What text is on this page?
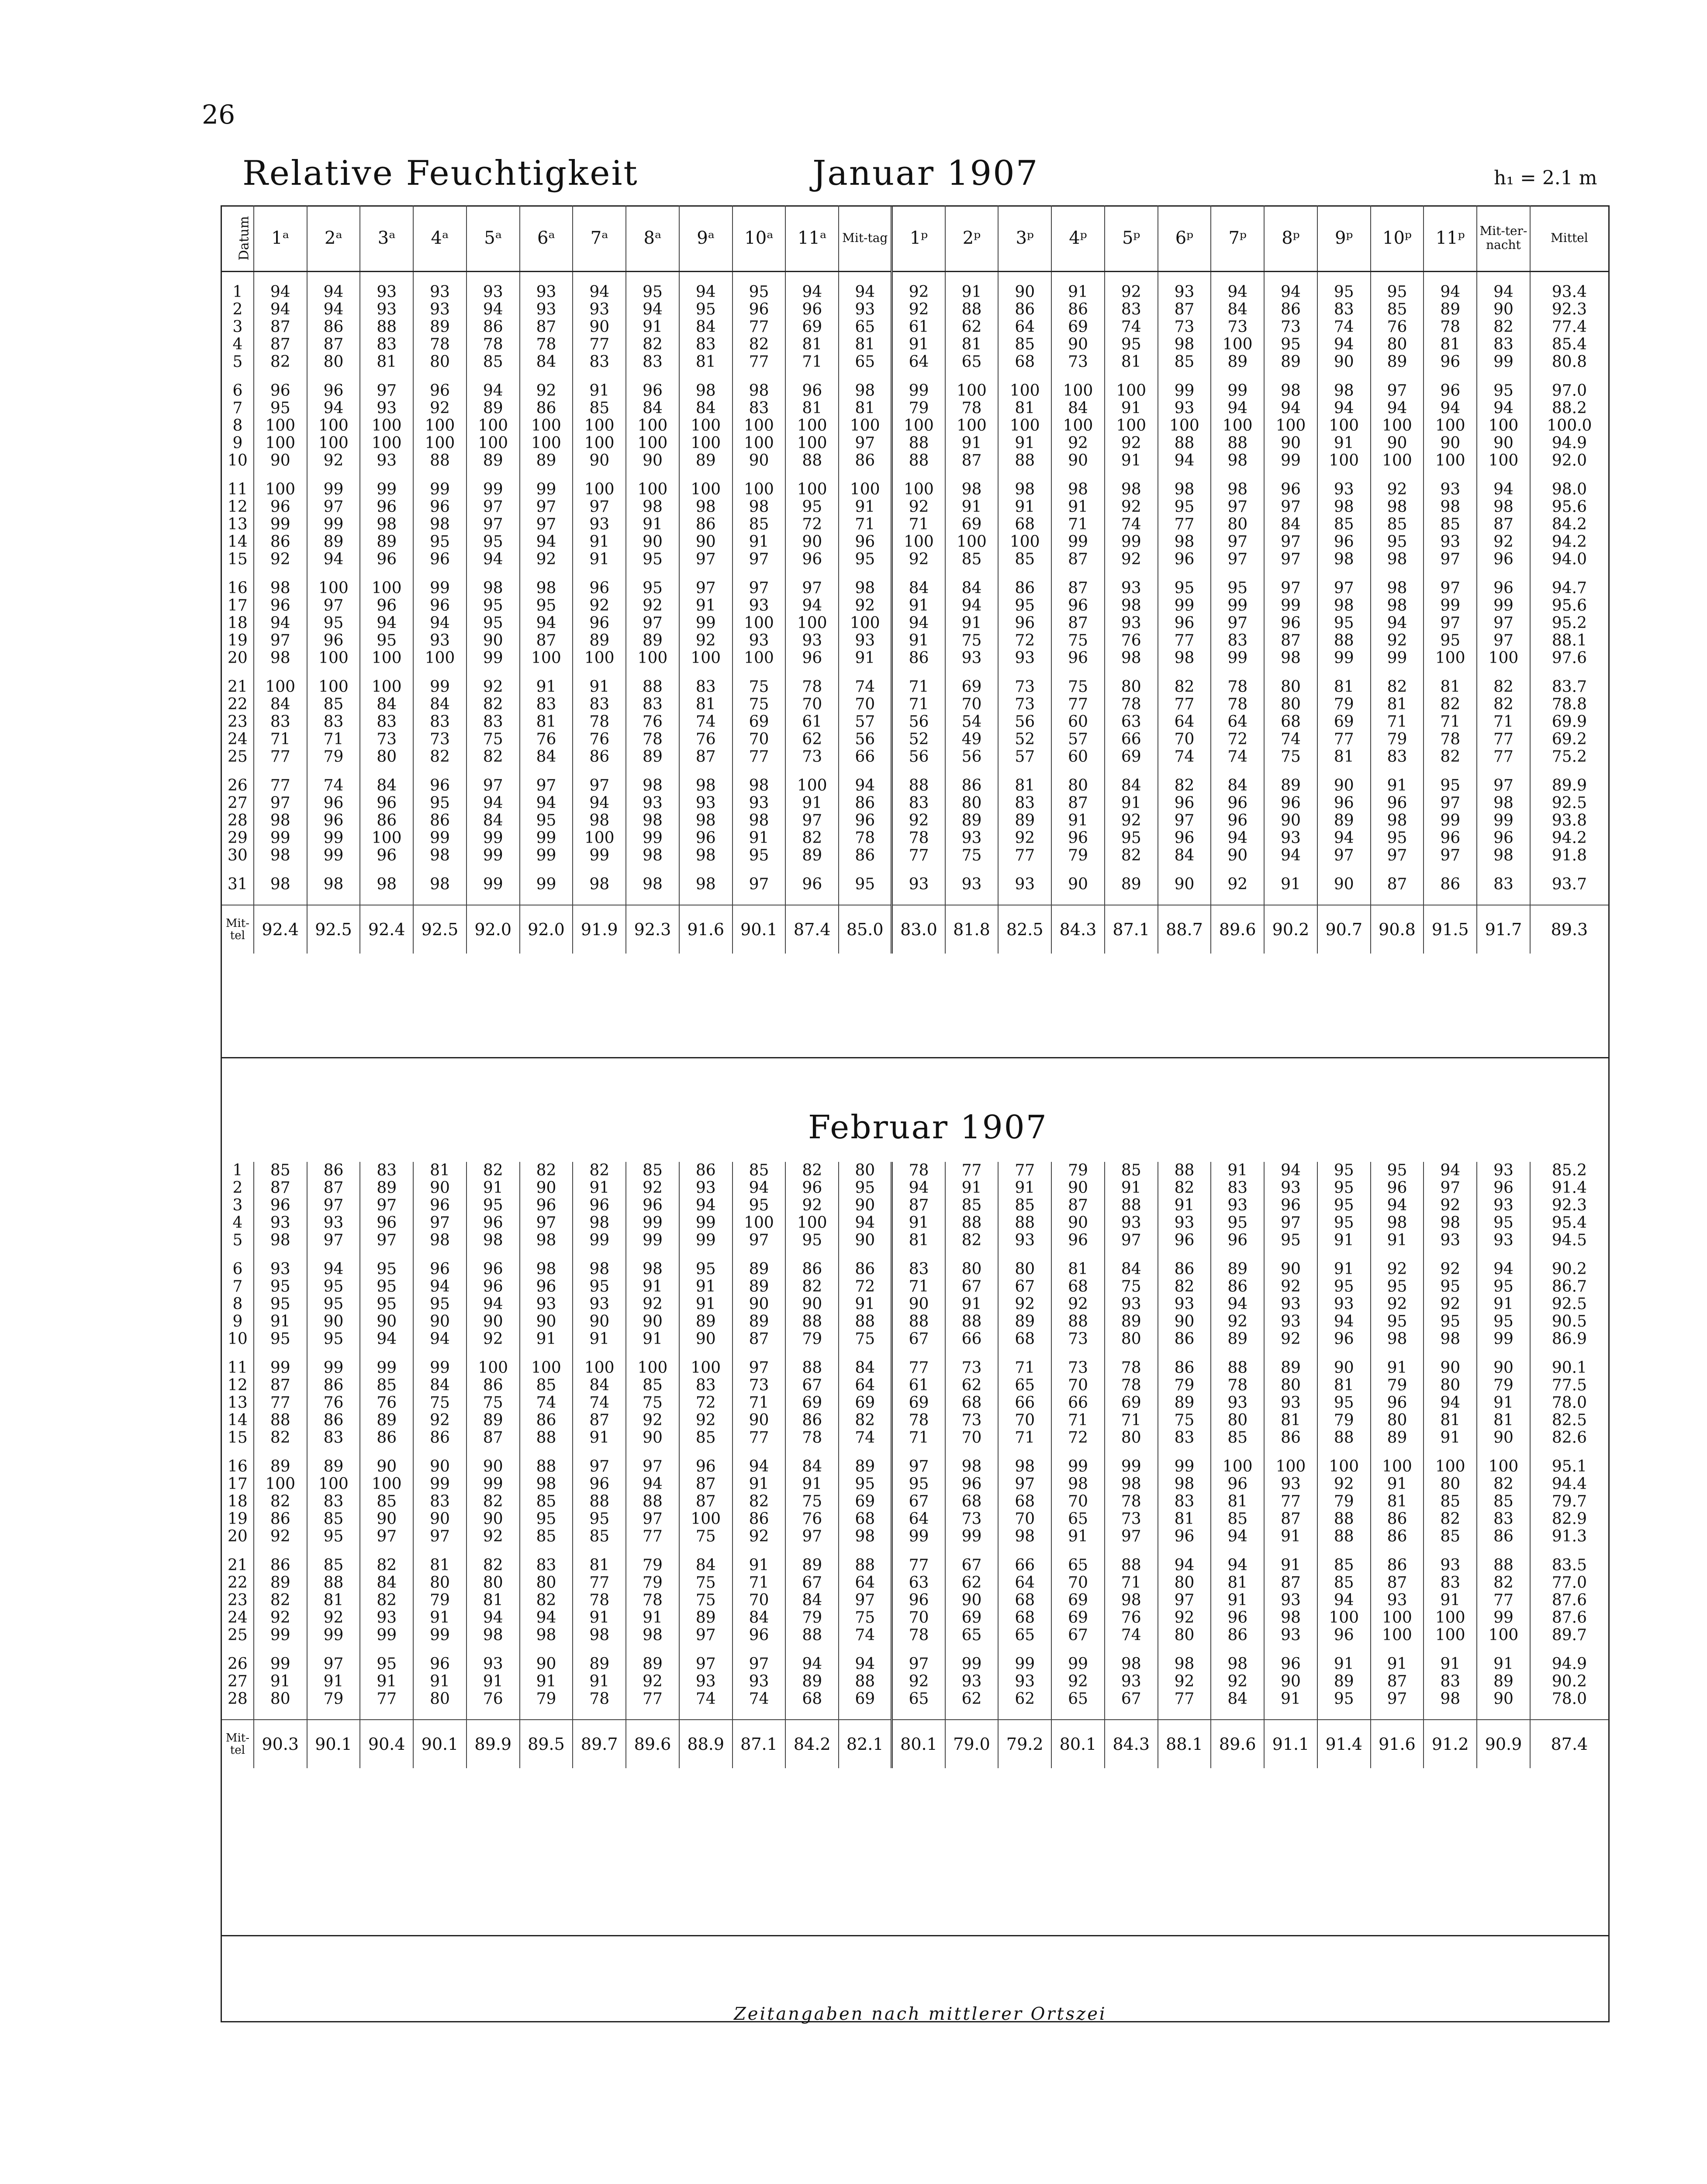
26
Relative Feuchtigkeit	Januar 1907	h₁ = 2.1 m
Datum	1ᵃ	2ᵃ	3ᵃ	4ᵃ	5ᵃ	6ᵃ	7ᵃ	8ᵃ	9ᵃ	10ᵃ	11ᵃ	Mit-tag	1ᵖ	2ᵖ	3ᵖ	4ᵖ	5ᵖ	6ᵖ	7ᵖ	8ᵖ	9ᵖ	10ᵖ	11ᵖ	Mit-ter-nacht	Mittel

1	94	94	93	93	93	93	94	95	94	95	94	94	92	91	90	91	92	93	94	94	95	95	94	94	93.4
2	94	94	93	93	94	93	93	94	95	96	96	93	92	88	86	86	83	87	84	86	83	85	89	90	92.3
3	87	86	88	89	86	87	90	91	84	77	69	65	61	62	64	69	74	73	73	73	74	76	78	82	77.4
4	87	87	83	78	78	78	77	82	83	82	81	81	91	81	85	90	95	98	100	95	94	80	81	83	85.4
5	82	80	81	80	85	84	83	83	81	77	71	65	64	65	68	73	81	85	89	89	90	89	96	99	80.8

6	96	96	97	96	94	92	91	96	98	98	96	98	99	100	100	100	100	99	99	98	98	97	96	95	97.0
7	95	94	93	92	89	86	85	84	84	83	81	81	79	78	81	84	91	93	94	94	94	94	94	94	88.2
8	100	100	100	100	100	100	100	100	100	100	100	100	100	100	100	100	100	100	100	100	100	100	100	100	100.0
9	100	100	100	100	100	100	100	100	100	100	100	97	88	91	91	92	92	88	88	90	91	90	90	90	94.9
10	90	92	93	88	89	89	90	90	89	90	88	86	88	87	88	90	91	94	98	99	100	100	100	100	92.0

11	100	99	99	99	99	99	100	100	100	100	100	100	100	98	98	98	98	98	98	96	93	92	93	94	98.0
12	96	97	96	96	97	97	97	98	98	98	95	91	92	91	91	91	92	95	97	97	98	98	98	98	95.6
13	99	99	98	98	97	97	93	91	86	85	72	71	71	69	68	71	74	77	80	84	85	85	85	87	84.2
14	86	89	89	95	95	94	91	90	90	91	90	96	100	100	100	99	99	98	97	97	96	95	93	92	94.2
15	92	94	96	96	94	92	91	95	97	97	96	95	92	85	85	87	92	96	97	97	98	98	97	96	94.0

16	98	100	100	99	98	98	96	95	97	97	97	98	84	84	86	87	93	95	95	97	97	98	97	96	94.7
17	96	97	96	96	95	95	92	92	91	93	94	92	91	94	95	96	98	99	99	99	98	98	99	99	95.6
18	94	95	94	94	95	94	96	97	99	100	100	100	94	91	96	87	93	96	97	96	95	94	97	97	95.2
19	97	96	95	93	90	87	89	89	92	93	93	93	91	75	72	75	76	77	83	87	88	92	95	97	88.1
20	98	100	100	100	99	100	100	100	100	100	96	91	86	93	93	96	98	98	99	98	99	99	100	100	97.6

21	100	100	100	99	92	91	91	88	83	75	78	74	71	69	73	75	80	82	78	80	81	82	81	82	83.7
22	84	85	84	84	82	83	83	83	81	75	70	70	71	70	73	77	78	77	78	80	79	81	82	82	78.8
23	83	83	83	83	83	81	78	76	74	69	61	57	56	54	56	60	63	64	64	68	69	71	71	71	69.9
24	71	71	73	73	75	76	76	78	76	70	62	56	52	49	52	57	66	70	72	74	77	79	78	77	69.2
25	77	79	80	82	82	84	86	89	87	77	73	66	56	56	57	60	69	74	74	75	81	83	82	77	75.2

26	77	74	84	96	97	97	97	98	98	98	100	94	88	86	81	80	84	82	84	89	90	91	95	97	89.9
27	97	96	96	95	94	94	94	93	93	93	91	86	83	80	83	87	91	96	96	96	96	96	97	98	92.5
28	98	96	86	86	84	95	98	98	98	98	97	96	92	89	89	91	92	97	96	90	89	98	99	99	93.8
29	99	99	100	99	99	99	100	99	96	91	82	78	78	93	92	96	95	96	94	93	94	95	96	96	94.2
30	98	99	96	98	99	99	99	98	98	95	89	86	77	75	77	79	82	84	90	94	97	97	97	98	91.8

31	98	98	98	98	99	99	98	98	98	97	96	95	93	93	93	90	89	90	92	91	90	87	86	83	93.7

Mit-tel	92.4	92.5	92.4	92.5	92.0	92.0	91.9	92.3	91.6	90.1	87.4	85.0	83.0	81.8	82.5	84.3	87.1	88.7	89.6	90.2	90.7	90.8	91.5	91.7	89.3
Februar 1907
1	85	86	83	81	82	82	82	85	86	85	82	80	78	77	77	79	85	88	91	94	95	95	94	93	85.2
2	87	87	89	90	91	90	91	92	93	94	96	95	94	91	91	90	91	82	83	93	95	96	97	96	91.4
3	96	97	97	96	95	96	96	96	94	95	92	90	87	85	85	87	88	91	93	96	95	94	92	93	92.3
4	93	93	96	97	96	97	98	99	99	100	100	94	91	88	88	90	93	93	95	97	95	98	98	95	95.4
5	98	97	97	98	98	98	99	99	99	97	95	90	81	82	93	96	97	96	96	95	91	91	93	93	94.5

6	93	94	95	96	96	98	98	98	95	89	86	86	83	80	80	81	84	86	89	90	91	92	92	94	90.2
7	95	95	95	94	96	96	95	91	91	89	82	72	71	67	67	68	75	82	86	92	95	95	95	95	86.7
8	95	95	95	95	94	93	93	92	91	90	90	91	90	91	92	92	93	93	94	93	93	92	92	91	92.5
9	91	90	90	90	90	90	90	90	89	89	88	88	88	88	89	88	89	90	92	93	94	95	95	95	90.5
10	95	95	94	94	92	91	91	91	90	87	79	75	67	66	68	73	80	86	89	92	96	98	98	99	86.9

11	99	99	99	99	100	100	100	100	100	97	88	84	77	73	71	73	78	86	88	89	90	91	90	90	90.1
12	87	86	85	84	86	85	84	85	83	73	67	64	61	62	65	70	78	79	78	80	81	79	80	79	77.5
13	77	76	76	75	75	74	74	75	72	71	69	69	69	68	66	66	69	89	93	93	95	96	94	91	78.0
14	88	86	89	92	89	86	87	92	92	90	86	82	78	73	70	71	71	75	80	81	79	80	81	81	82.5
15	82	83	86	86	87	88	91	90	85	77	78	74	71	70	71	72	80	83	85	86	88	89	91	90	82.6

16	89	89	90	90	90	88	97	97	96	94	84	89	97	98	98	99	99	99	100	100	100	100	100	100	95.1
17	100	100	100	99	99	98	96	94	87	91	91	95	95	96	97	98	98	98	96	93	92	91	80	82	94.4
18	82	83	85	83	82	85	88	88	87	82	75	69	67	68	68	70	78	83	81	77	79	81	85	85	79.7
19	86	85	90	90	90	95	95	97	100	86	76	68	64	73	70	65	73	81	85	87	88	86	82	83	82.9
20	92	95	97	97	92	85	85	77	75	92	97	98	99	99	98	91	97	96	94	91	88	86	85	86	91.3

21	86	85	82	81	82	83	81	79	84	91	89	88	77	67	66	65	88	94	94	91	85	86	93	88	83.5
22	89	88	84	80	80	80	77	79	75	71	67	64	63	62	64	70	71	80	81	87	85	87	83	82	77.0
23	82	81	82	79	81	82	78	78	75	70	84	97	96	90	68	69	98	97	91	93	94	93	91	77	87.6
24	92	92	93	91	94	94	91	91	89	84	79	75	70	69	68	69	76	92	96	98	100	100	100	99	87.6
25	99	99	99	99	98	98	98	98	97	96	88	74	78	65	65	67	74	80	86	93	96	100	100	100	89.7

26	99	97	95	96	93	90	89	89	97	97	94	94	97	99	99	99	98	98	98	96	91	91	91	91	94.9
27	91	91	91	91	91	91	91	92	93	93	89	88	92	93	93	92	93	92	92	90	89	87	83	89	90.2
28	80	79	77	80	76	79	78	77	74	74	68	69	65	62	62	65	67	77	84	91	95	97	98	90	78.0

Mit-tel	90.3	90.1	90.4	90.1	89.9	89.5	89.7	89.6	88.9	87.1	84.2	82.1	80.1	79.0	79.2	80.1	84.3	88.1	89.6	91.1	91.4	91.6	91.2	90.9	87.4
Zeitangaben nach mittlerer Ortszei
